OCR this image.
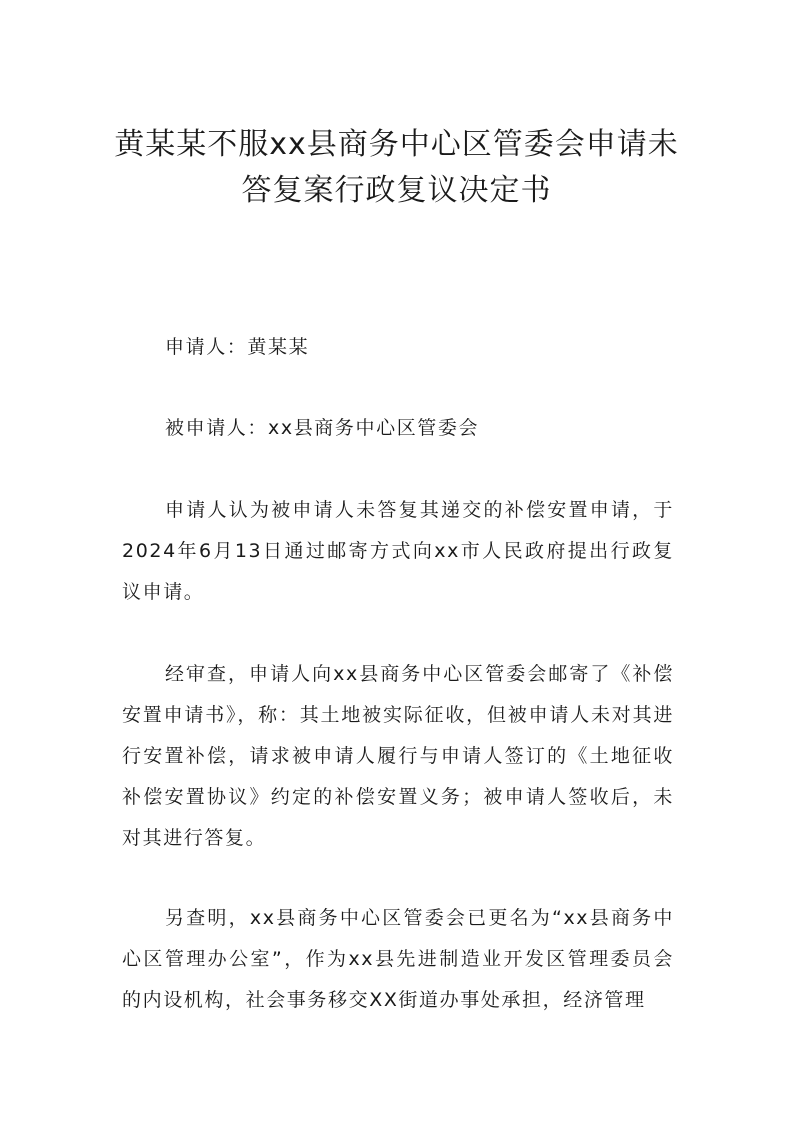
黄某某不服xx县商务中心区管委会申请未
答复案行政复议决定书

申请人：黄某某

被申请人：xx县商务中心区管委会

申请人认为被申请人未答复其递交的补偿安置申请，于2024年6月13日通过邮寄方式向xx市人民政府提出行政复议申请。

经审查，申请人向xx县商务中心区管委会邮寄了《补偿安置申请书》，称：其土地被实际征收，但被申请人未对其进行安置补偿，请求被申请人履行与申请人签订的《土地征收补偿安置协议》约定的补偿安置义务；被申请人签收后，未对其进行答复。

另查明，xx县商务中心区管委会已更名为“xx县商务中心区管理办公室”，作为xx县先进制造业开发区管理委员会的内设机构，社会事务移交XX街道办事处承担，经济管理
